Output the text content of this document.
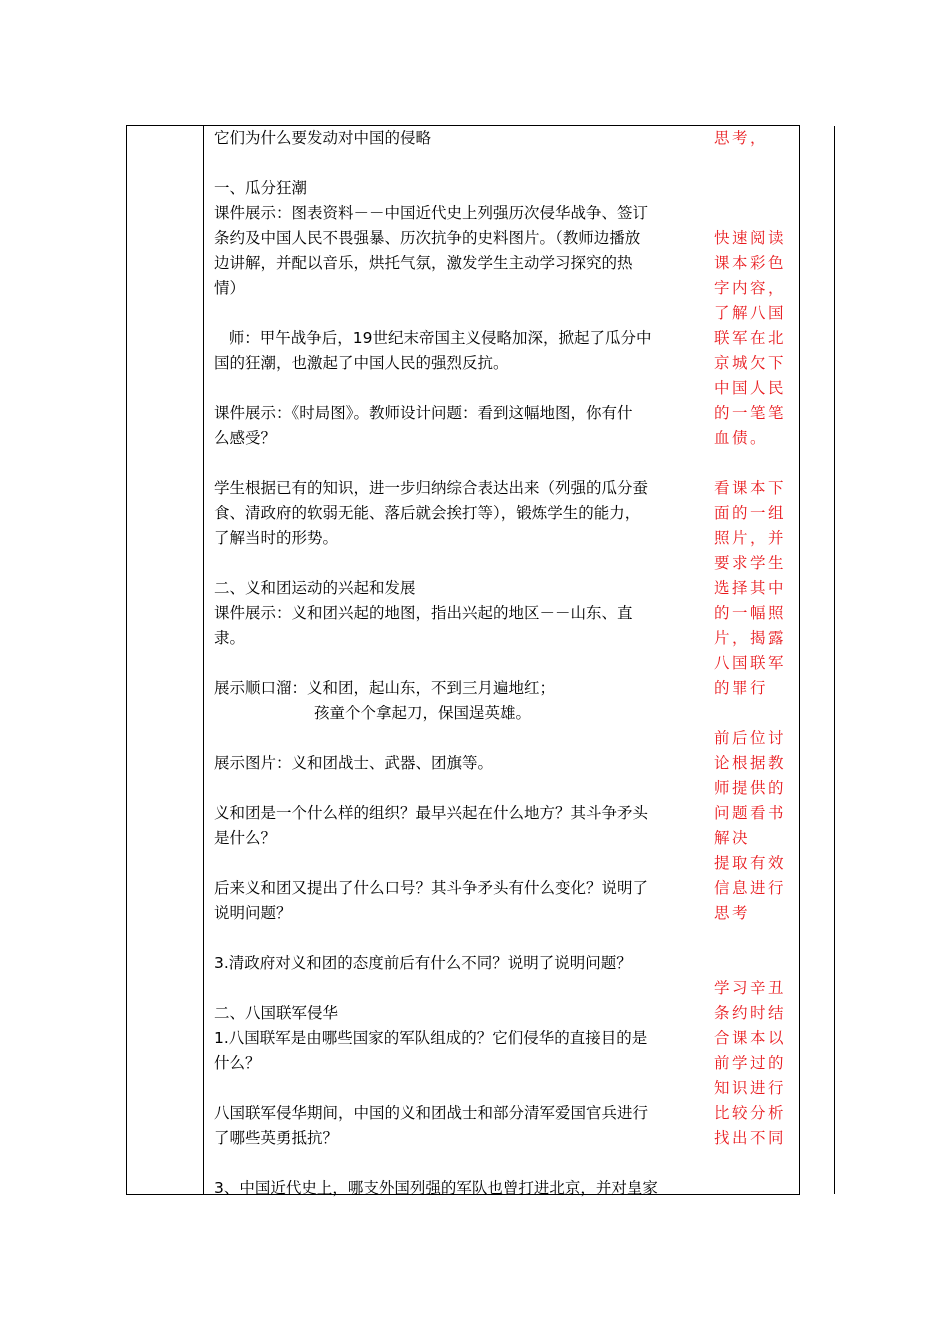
它们为什么要发动对中国的侵略
一、瓜分狂潮
课件展示：图表资料－－中国近代史上列强历次侵华战争、签订
条约及中国人民不畏强暴、历次抗争的史料图片。（教师边播放
边讲解，并配以音乐，烘托气氛，激发学生主动学习探究的热
情）
师：甲午战争后，19世纪末帝国主义侵略加深，掀起了瓜分中
国的狂潮，也激起了中国人民的强烈反抗。
课件展示：《时局图》。教师设计问题：看到这幅地图，你有什
么感受？
学生根据已有的知识，进一步归纳综合表达出来（列强的瓜分蚕
食、清政府的软弱无能、落后就会挨打等），锻炼学生的能力，
了解当时的形势。
二、义和团运动的兴起和发展
课件展示：义和团兴起的地图，指出兴起的地区－－山东、直
隶。
展示顺口溜：义和团，起山东，不到三月遍地红；
孩童个个拿起刀，保国逞英雄。
展示图片：义和团战士、武器、团旗等。
义和团是一个什么样的组织？最早兴起在什么地方？其斗争矛头
是什么？
后来义和团又提出了什么口号？其斗争矛头有什么变化？说明了
说明问题？
3.清政府对义和团的态度前后有什么不同？说明了说明问题？
二、八国联军侵华
1.八国联军是由哪些国家的军队组成的？它们侵华的直接目的是
什么？
八国联军侵华期间，中国的义和团战士和部分清军爱国官兵进行
了哪些英勇抵抗？
3、中国近代史上，哪支外国列强的军队也曾打进北京，并对皇家
思考，
快速阅读
课本彩色
字内容，
了解八国
联军在北
京城欠下
中国人民
的一笔笔
血债。
看课本下
面的一组
照片，并
要求学生
选择其中
的一幅照
片，揭露
八国联军
的罪行
前后位讨
论根据教
师提供的
问题看书
解决
提取有效
信息进行
思考
学习辛丑
条约时结
合课本以
前学过的
知识进行
比较分析
找出不同
